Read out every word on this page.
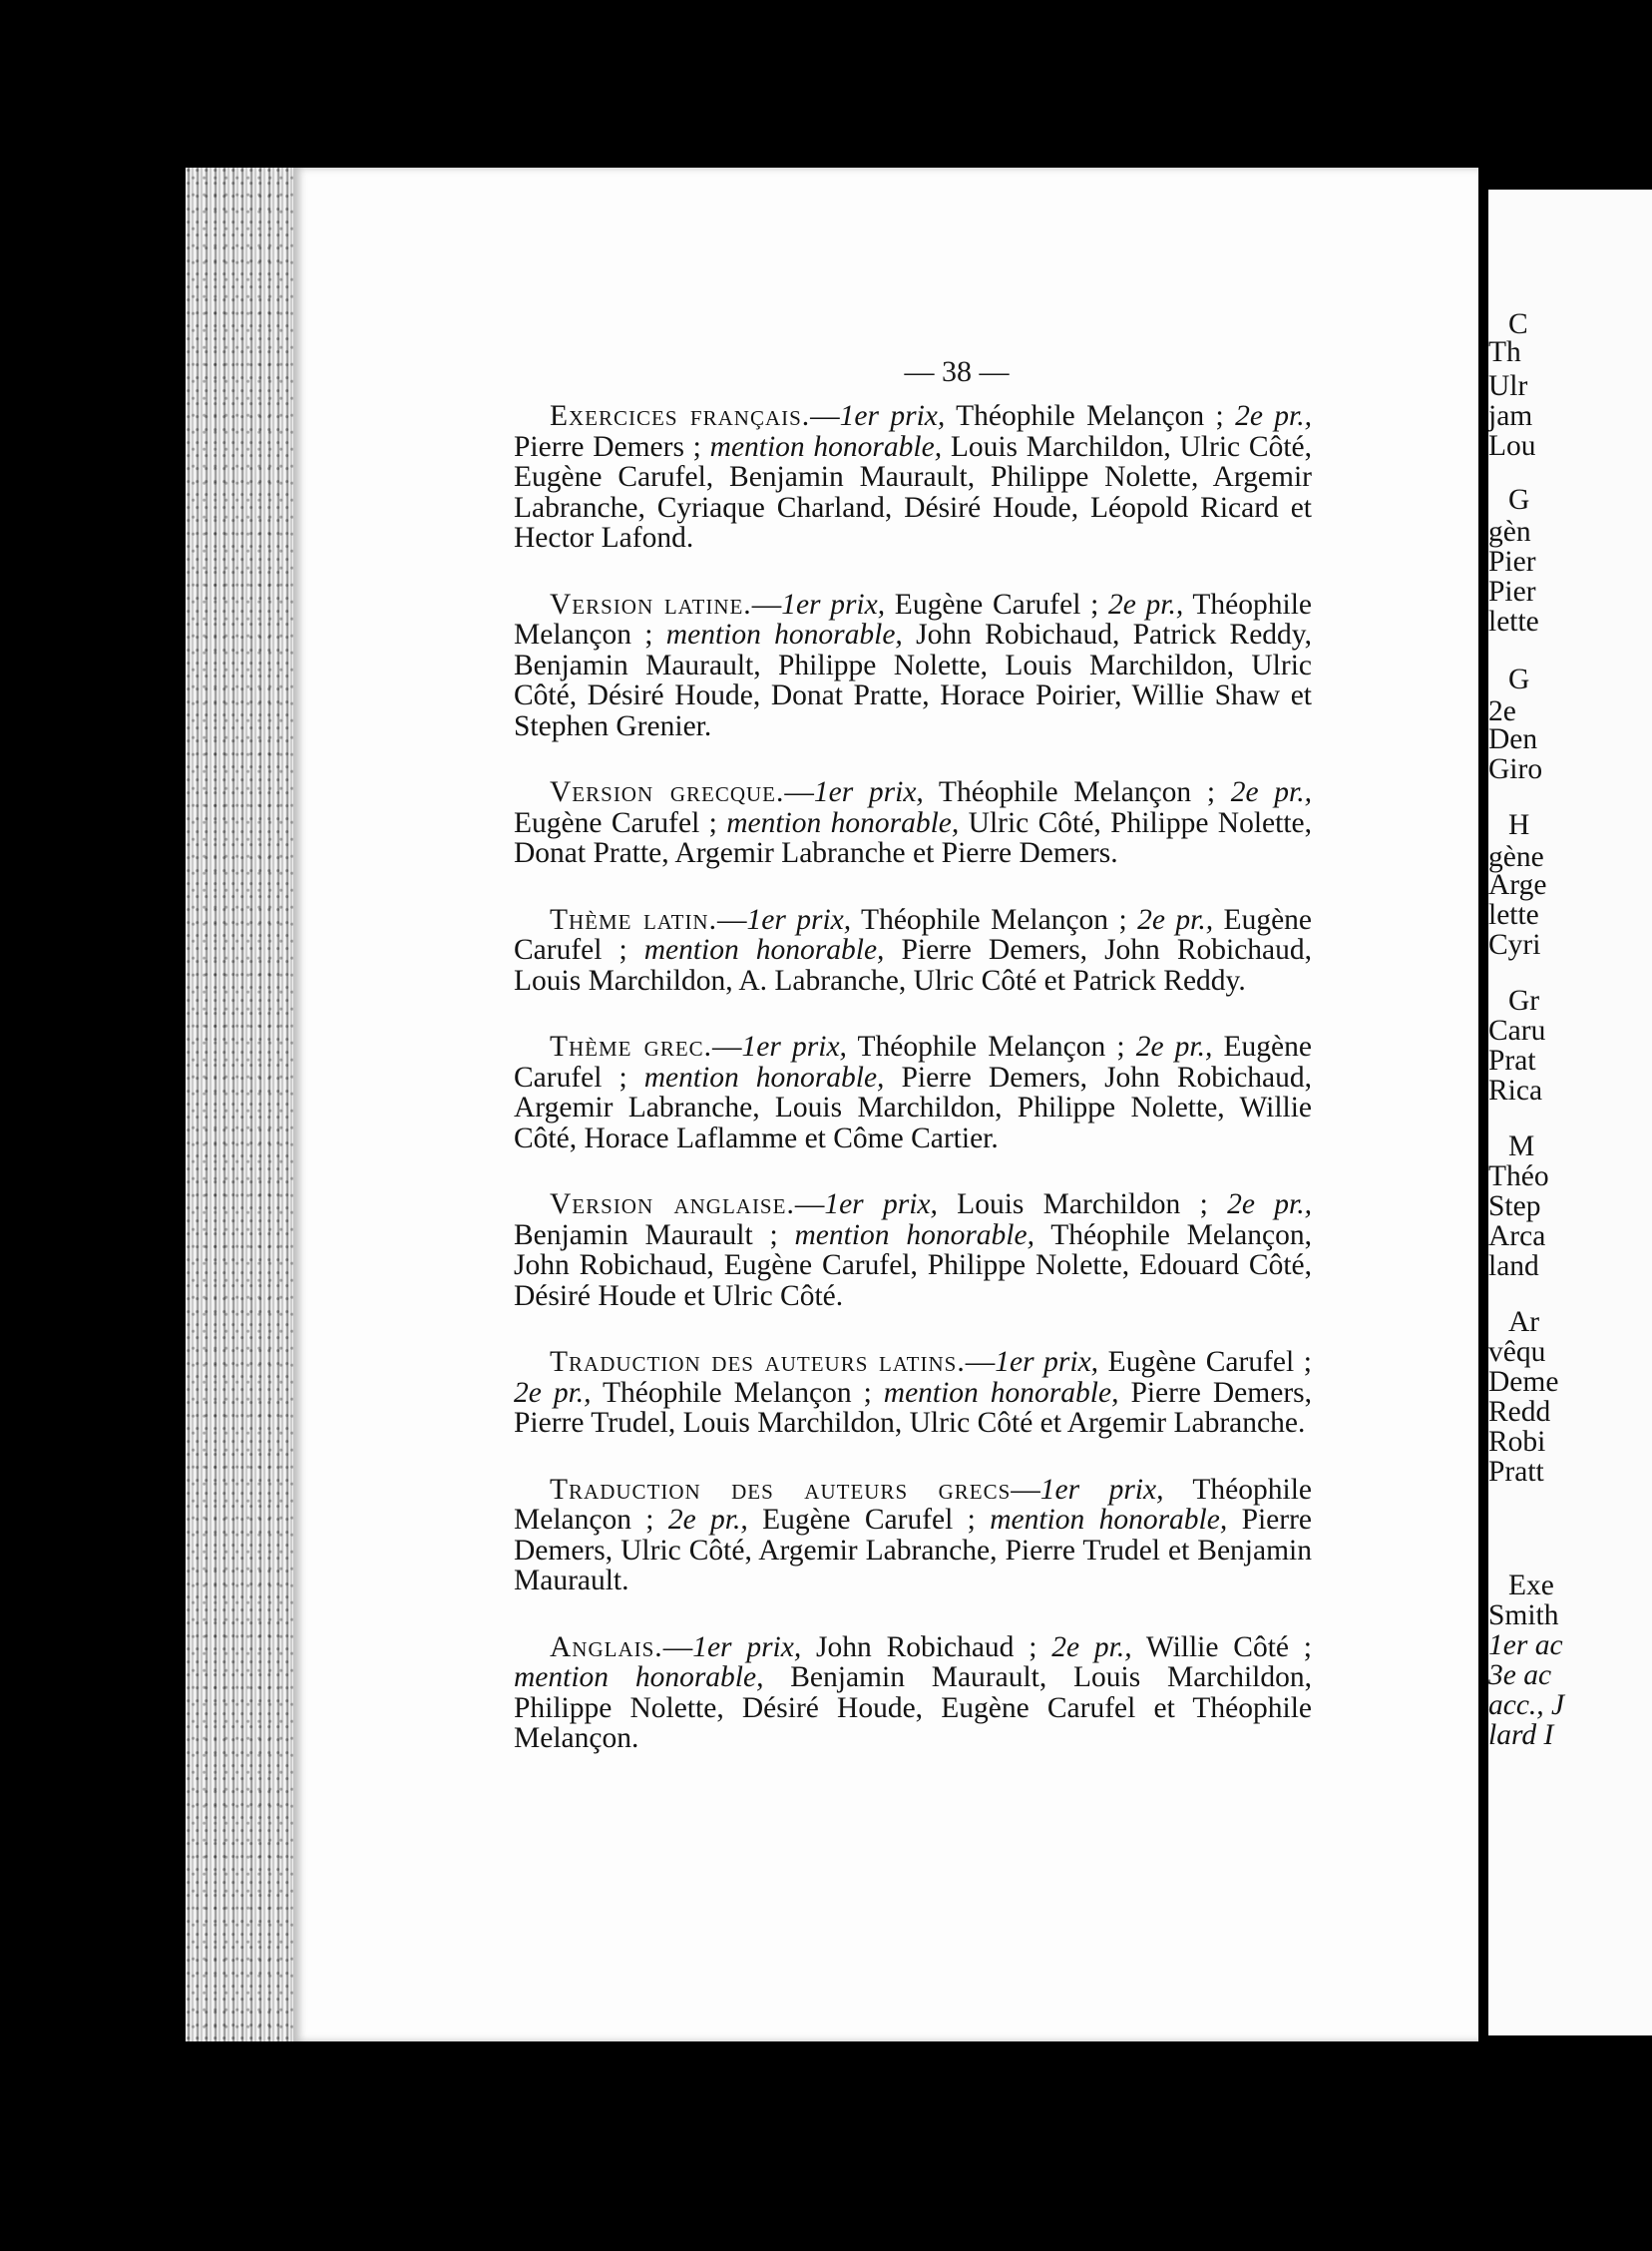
— 38 —

Exercices français.—1er prix, Théophile Melançon ; 2e pr., Pierre Demers ; mention honorable, Louis Marchildon, Ulric Côté, Eugène Carufel, Benjamin Maurault, Philippe Nolette, Argemir Labranche, Cyriaque Charland, Désiré Houde, Léopold Ricard et Hector Lafond.

Version latine.—1er prix, Eugène Carufel ; 2e pr., Théophile Melançon ; mention honorable, John Robichaud, Patrick Reddy, Benjamin Maurault, Philippe Nolette, Louis Marchildon, Ulric Côté, Désiré Houde, Donat Pratte, Horace Poirier, Willie Shaw et Stephen Grenier.

Version grecque.—1er prix, Théophile Melançon ; 2e pr., Eugène Carufel ; mention honorable, Ulric Côté, Philippe Nolette, Donat Pratte, Argemir Labranche et Pierre Demers.

Thème latin.—1er prix, Théophile Melançon ; 2e pr., Eugène Carufel ; mention honorable, Pierre Demers, John Robichaud, Louis Marchildon, A. Labranche, Ulric Côté et Patrick Reddy.

Thème grec.—1er prix, Théophile Melançon ; 2e pr., Eugène Carufel ; mention honorable, Pierre Demers, John Robichaud, Argemir Labranche, Louis Marchildon, Philippe Nolette, Willie Côté, Horace Laflamme et Côme Cartier.

Version anglaise.—1er prix, Louis Marchildon ; 2e pr., Benjamin Maurault ; mention honorable, Théophile Melançon, John Robichaud, Eugène Carufel, Philippe Nolette, Edouard Côté, Désiré Houde et Ulric Côté.

Traduction des auteurs latins.—1er prix, Eugène Carufel ; 2e pr., Théophile Melançon ; mention honorable, Pierre Demers, Pierre Trudel, Louis Marchildon, Ulric Côté et Argemir Labranche.

Traduction des auteurs grecs—1er prix, Théophile Melançon ; 2e pr., Eugène Carufel ; mention honorable, Pierre Demers, Ulric Côté, Argemir Labranche, Pierre Trudel et Benjamin Maurault.

Anglais.—1er prix, John Robichaud ; 2e pr., Willie Côté ; mention honorable, Benjamin Maurault, Louis Marchildon, Philippe Nolette, Désiré Houde, Eugène Carufel et Théophile Melançon.

C
Th
Ulr
jam
Lou
G
gèn
Pier
Pier
lette
G
2e
Den
Giro
H
gène
Arge
lette
Cyri
Gr
Caru
Prat
Rica
M
Théo
Step
Arca
land
Ar
vêqu
Deme
Redd
Robi
Pratt
Exe
Smith
1er ac
3e ac
acc., J
lard I
